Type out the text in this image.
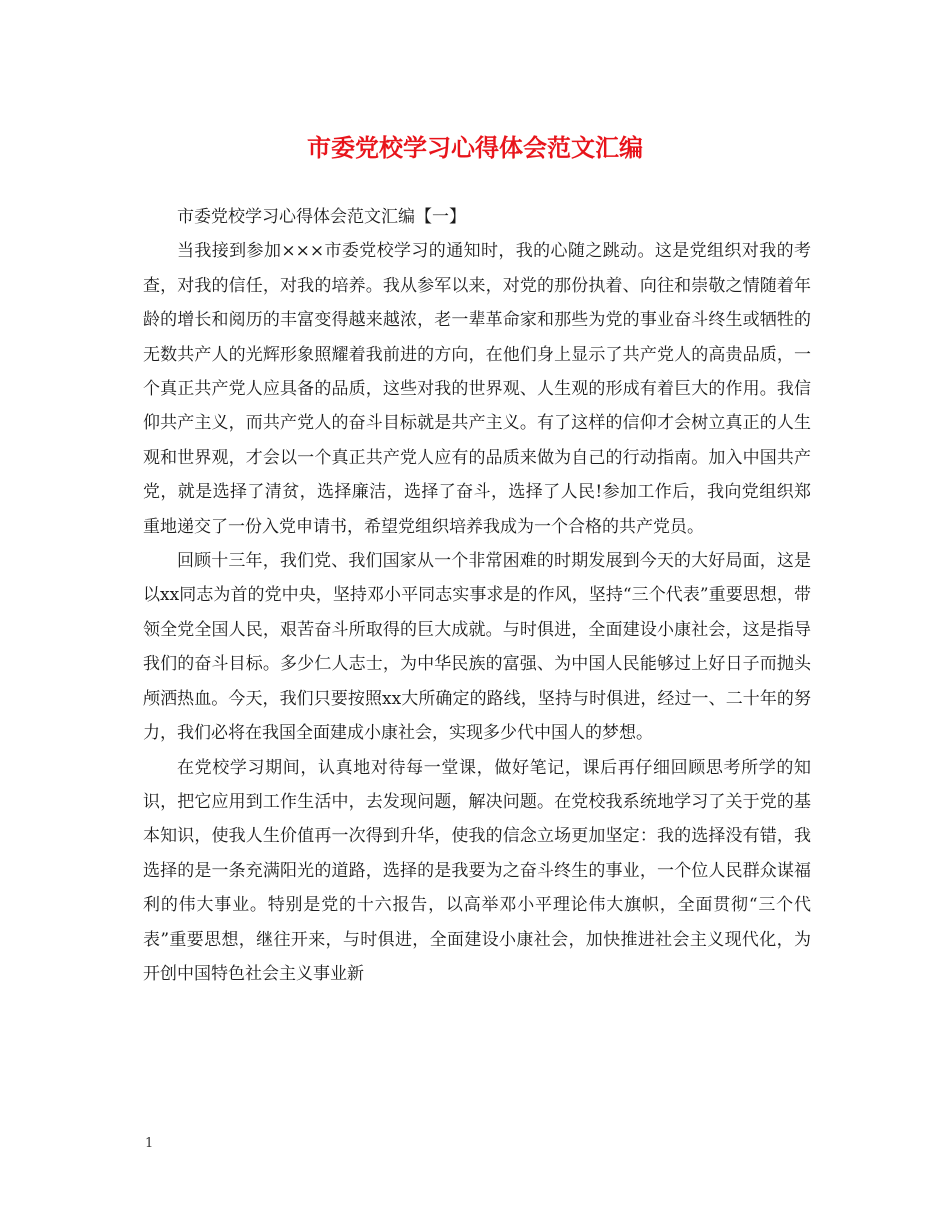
市委党校学习心得体会范文汇编

市委党校学习心得体会范文汇编【一】

当我接到参加×××市委党校学习的通知时，我的心随之跳动。这是党组织对我的考查，对我的信任，对我的培养。我从参军以来，对党的那份执着、向往和崇敬之情随着年龄的增长和阅历的丰富变得越来越浓，老一辈革命家和那些为党的事业奋斗终生或牺牲的无数共产人的光辉形象照耀着我前进的方向，在他们身上显示了共产党人的高贵品质，一个真正共产党人应具备的品质，这些对我的世界观、人生观的形成有着巨大的作用。我信仰共产主义，而共产党人的奋斗目标就是共产主义。有了这样的信仰才会树立真正的人生观和世界观，才会以一个真正共产党人应有的品质来做为自己的行动指南。加入中国共产党，就是选择了清贫，选择廉洁，选择了奋斗，选择了人民!参加工作后，我向党组织郑重地递交了一份入党申请书，希望党组织培养我成为一个合格的共产党员。

回顾十三年，我们党、我们国家从一个非常困难的时期发展到今天的大好局面，这是以xx同志为首的党中央，坚持邓小平同志实事求是的作风，坚持“三个代表”重要思想，带领全党全国人民，艰苦奋斗所取得的巨大成就。与时俱进，全面建设小康社会，这是指导我们的奋斗目标。多少仁人志士，为中华民族的富强、为中国人民能够过上好日子而抛头颅洒热血。今天，我们只要按照xx大所确定的路线，坚持与时俱进，经过一、二十年的努力，我们必将在我国全面建成小康社会，实现多少代中国人的梦想。

在党校学习期间，认真地对待每一堂课，做好笔记，课后再仔细回顾思考所学的知识，把它应用到工作生活中，去发现问题，解决问题。在党校我系统地学习了关于党的基本知识，使我人生价值再一次得到升华，使我的信念立场更加坚定：我的选择没有错，我选择的是一条充满阳光的道路，选择的是我要为之奋斗终生的事业，一个位人民群众谋福利的伟大事业。特别是党的十六报告，以高举邓小平理论伟大旗帜，全面贯彻“三个代表”重要思想，继往开来，与时俱进，全面建设小康社会，加快推进社会主义现代化，为开创中国特色社会主义事业新

1
